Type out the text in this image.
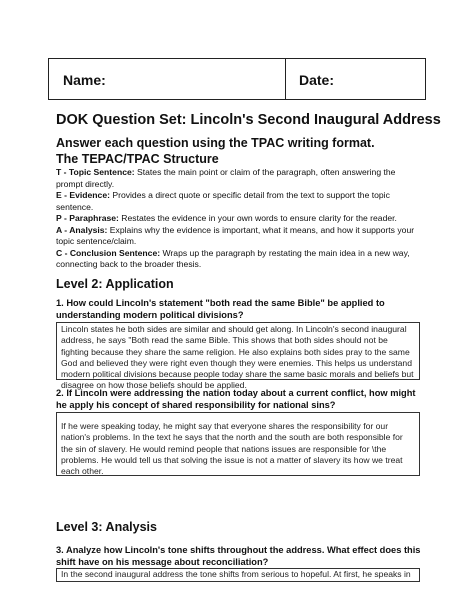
Name:	Date:
DOK Question Set: Lincoln's Second Inaugural Address
Answer each question using the TPAC writing format.
The TEPAC/TPAC Structure

T - Topic Sentence: States the main point or claim of the paragraph, often answering the prompt directly.

E - Evidence: Provides a direct quote or specific detail from the text to support the topic sentence.

P - Paraphrase: Restates the evidence in your own words to ensure clarity for the reader.

A - Analysis: Explains why the evidence is important, what it means, and how it supports your topic sentence/claim.

C - Conclusion Sentence: Wraps up the paragraph by restating the main idea in a new way, connecting back to the broader thesis.

Level 2: Application
1. How could Lincoln's statement "both read the same Bible" be applied to understanding modern political divisions?
Lincoln states he both sides are similar and should get along. In Lincoln's second inaugural address, he says "Both read the same Bible. This shows that both sides should not be fighting because they share the same religion. He also explains both sides pray to the same God and believed they were right even though they were enemies. This helps us understand modern political divisions because people today share the same basic morals and beliefs but disagree on how those beliefs should be applied.
2. If Lincoln were addressing the nation today about a current conflict, how might he apply his concept of shared responsibility for national sins?
If he were speaking today, he might say that everyone shares the responsibility for our nation's problems. In the text he says that the north and the south are both responsible for the sin of slavery. He would remind people that nations issues are responsible for \the problems. He would tell us that solving the issue is not a matter of slavery its how we treat each other.
Level 3: Analysis
3. Analyze how Lincoln's tone shifts throughout the address. What effect does this shift have on his message about reconciliation?
In the second inaugural address the tone shifts from serious to hopeful. At first, he speaks in
